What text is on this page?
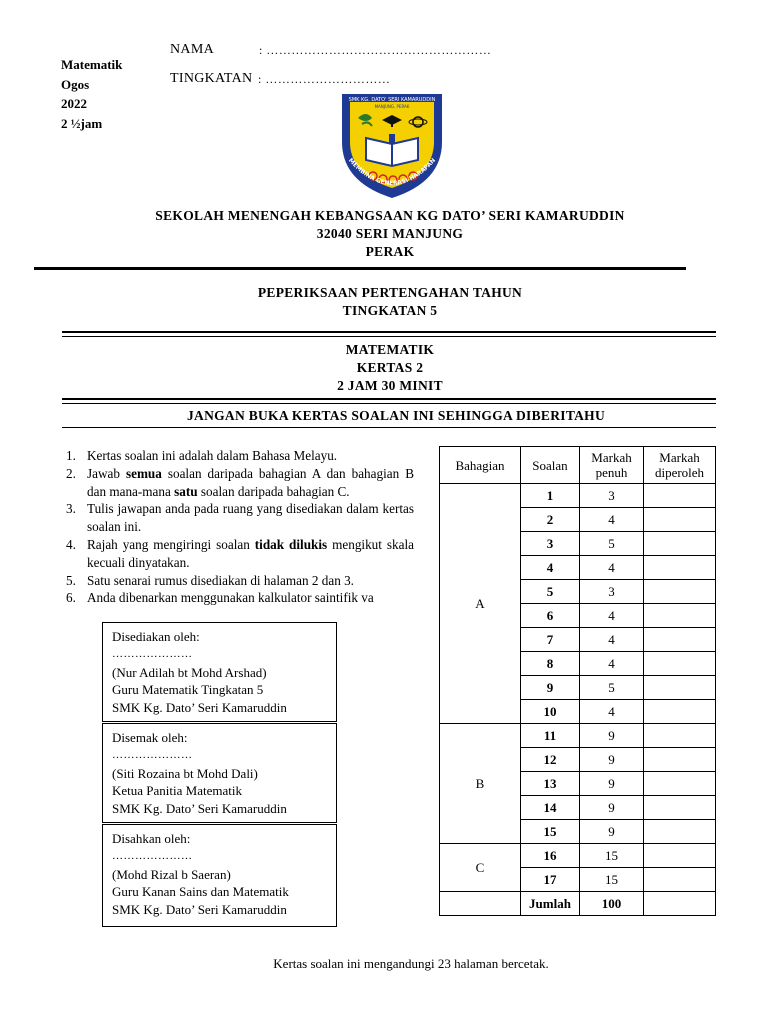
Matematik
Ogos
2022
2 ½jam
NAMA	: ………………………………………………
TINGKATAN : …………………………
SMK KG. DATO' SERI KAMARUDDIN
MANJUNG, PERAK
MEMBINA GENERASI HARAPAN
SEKOLAH MENENGAH KEBANGSAAN KG DATO’ SERI KAMARUDDIN
32040 SERI MANJUNG
PERAK
PEPERIKSAAN PERTENGAHAN TAHUN
TINGKATAN 5
MATEMATIK
KERTAS 2
2 JAM 30 MINIT
JANGAN BUKA KERTAS SOALAN INI SEHINGGA DIBERITAHU
1. Kertas soalan ini adalah dalam Bahasa Melayu.
2. Jawab semua soalan daripada bahagian A dan bahagian B dan mana-mana satu soalan daripada bahagian C.
3. Tulis jawapan anda pada ruang yang disediakan dalam kertas soalan ini.
4. Rajah yang mengiringi soalan tidak dilukis mengikut skala kecuali dinyatakan.
5. Satu senarai rumus disediakan di halaman 2 dan 3.
6. Anda dibenarkan menggunakan kalkulator saintifik va
Disediakan oleh:
…………………
(Nur Adilah bt Mohd Arshad)
Guru Matematik Tingkatan 5
SMK Kg. Dato’ Seri Kamaruddin
Disemak oleh:
…………………
(Siti Rozaina bt Mohd Dali)
Ketua Panitia Matematik
SMK Kg. Dato’ Seri Kamaruddin
Disahkan oleh:
…………………
(Mohd Rizal b Saeran)
Guru Kanan Sains dan Matematik
SMK Kg. Dato’ Seri Kamaruddin
Bahagian	Soalan	Markah penuh	Markah diperoleh
A	1	3	
	2	4	
	3	5	
	4	4	
	5	3	
	6	4	
	7	4	
	8	4	
	9	5	
	10	4	
B	11	9	
	12	9	
	13	9	
	14	9	
	15	9	
C	16	15	
	17	15	
	Jumlah	100	
Kertas soalan ini mengandungi 23 halaman bercetak.
